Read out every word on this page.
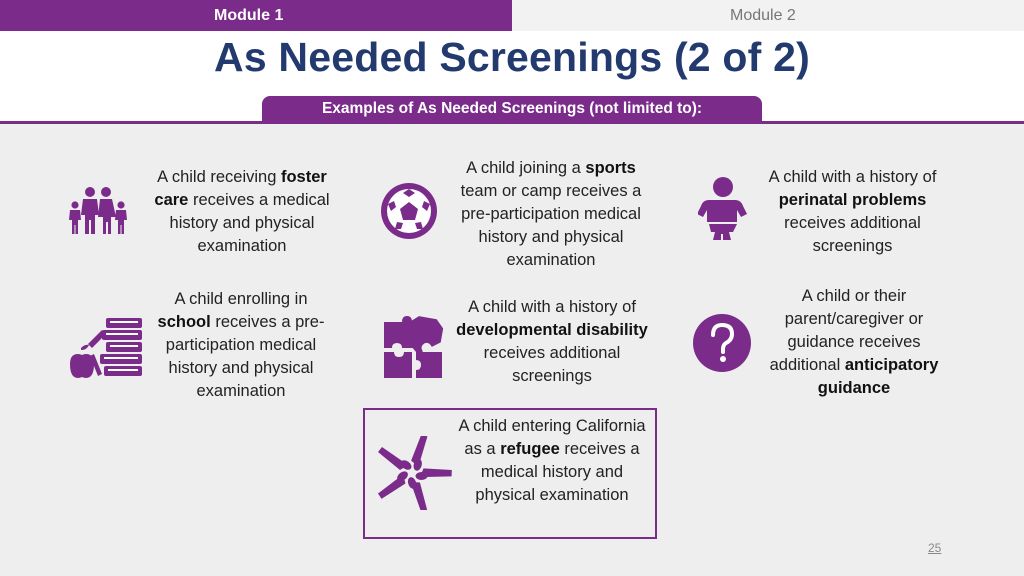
Module 1	Module 2
As Needed Screenings (2 of 2)
Examples of As Needed Screenings (not limited to):
A child receiving foster care receives a medical history and physical examination
A child joining a sports team or camp receives a pre-participation medical history and physical examination
A child with a history of perinatal problems receives additional screenings
A child enrolling in school receives a pre-participation medical history and physical examination
A child with a history of developmental disability receives additional screenings
A child or their parent/caregiver or guidance receives additional anticipatory guidance
A child entering California as a refugee receives a medical history and physical examination
25
